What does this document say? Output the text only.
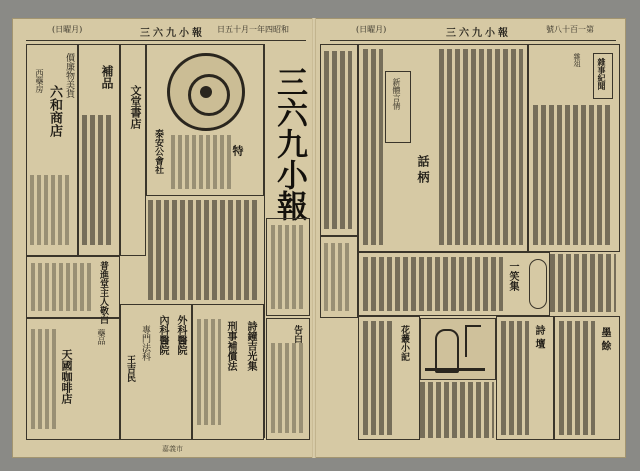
(日曜月)	三六九小報 日五十月一年四昭和	(日曜月)	三六九小報	號八十百一第
價廉物美貨
六和商店
西藥房	補品
文堂書店
泰安公會社	特
普進堂主人敬白
天國咖啡店
藥品	外科醫院
內科醫院
專門法科
王吉民	詩鐘吉光集
刑事補償法
嘉義市
三六九小報
告白
話 柄
新體言情
雜事紀聞
雜俎
一笑集
花叢小記	詩 壇	墨 餘
